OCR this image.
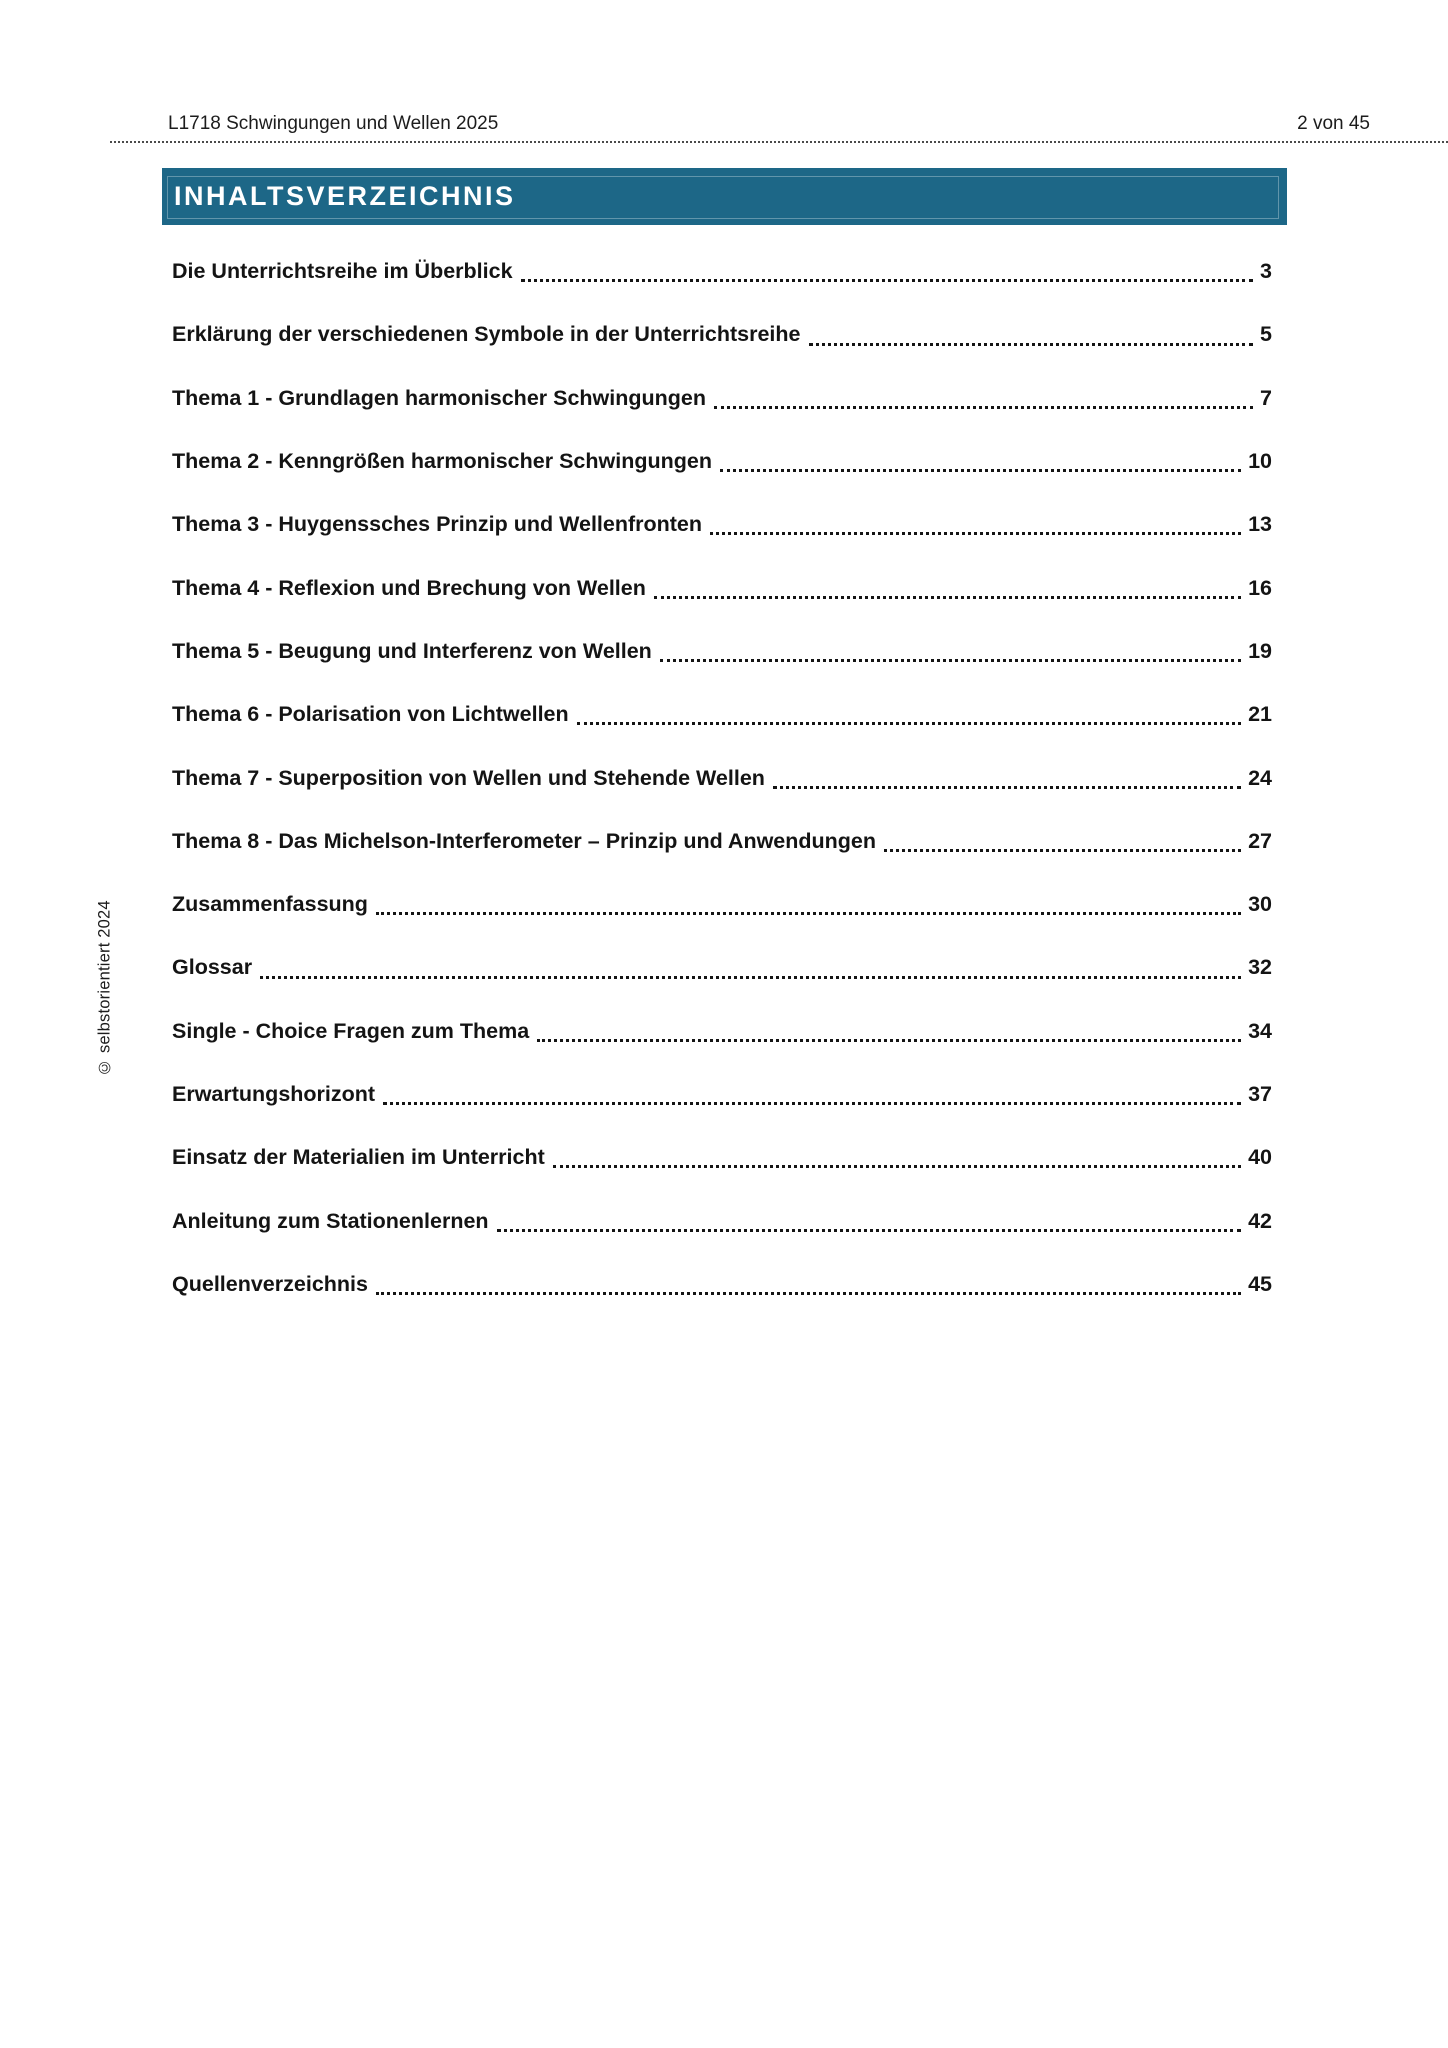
L1718 Schwingungen und Wellen 2025	2 von 45
INHALTSVERZEICHNIS
Die Unterrichtsreihe im Überblick	3
Erklärung der verschiedenen Symbole in der Unterrichtsreihe	5
Thema 1 - Grundlagen harmonischer Schwingungen	7
Thema 2 - Kenngrößen harmonischer Schwingungen	10
Thema 3 - Huygenssches Prinzip und Wellenfronten	13
Thema 4 - Reflexion und Brechung von Wellen	16
Thema 5 - Beugung und Interferenz von Wellen	19
Thema 6 - Polarisation von Lichtwellen	21
Thema 7 - Superposition von Wellen und Stehende Wellen	24
Thema 8 - Das Michelson-Interferometer – Prinzip und Anwendungen	27
Zusammenfassung	30
Glossar	32
Single - Choice Fragen zum Thema	34
Erwartungshorizont	37
Einsatz der Materialien im Unterricht	40
Anleitung zum Stationenlernen	42
Quellenverzeichnis	45
© selbstorientiert 2024
